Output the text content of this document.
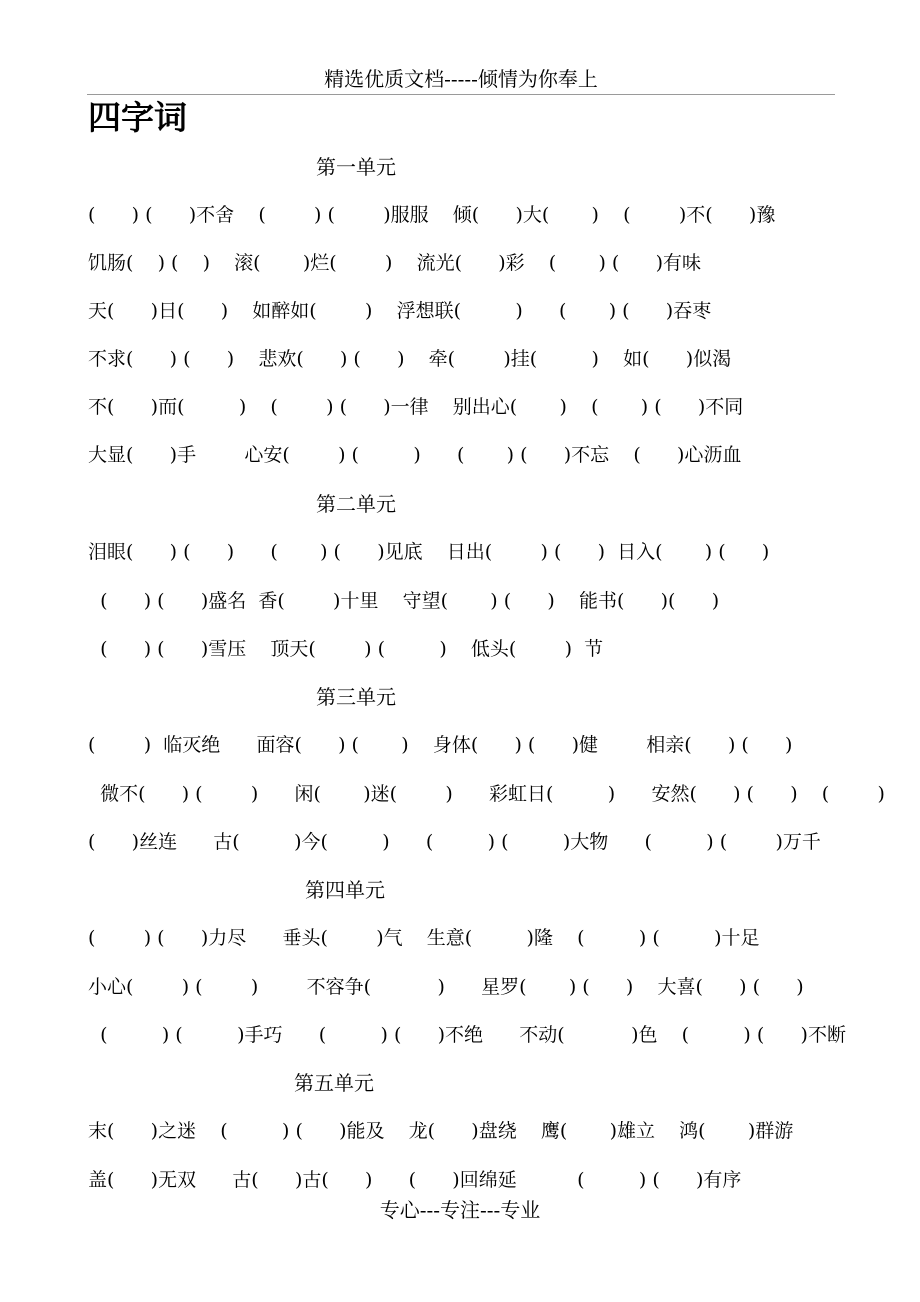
精选优质文档-----倾情为你奉上
四字词
第一单元
(      ) (      )不舍    (        ) (        )服服    倾(      )大(       )    (        )不(      )豫
饥肠(    ) (    )    滚(       )烂(        )    流光(      )彩    (       ) (      )有味
天(      )日(      )    如醉如(        )    浮想联(         )      (       ) (      )吞枣
不求(      ) (      )    悲欢(      ) (      )    牵(        )挂(         )    如(      )似渴
不(      )而(         )    (        ) (      )一律    别出心(       )    (       ) (      )不同
大显(      )手        心安(        ) (         )      (       ) (      )不忘    (      )心沥血
第二单元
泪眼(      ) (      )      (       ) (      )见底    日出(        ) (      )  日入(       ) (      )
(      ) (      )盛名  香(        )十里    守望(       ) (      )    能书(      )(      )
(      ) (      )雪压    顶天(        ) (         )    低头(        )  节
第三单元
(        )  临灭绝      面容(      ) (       )    身体(      ) (      )健        相亲(      ) (      )
微不(      ) (        )      闲(       )迷(        )      彩虹日(         )      安然(      ) (      )    (        )
(      )丝连      古(         )今(         )      (         ) (         )大物      (         ) (        )万千
第四单元
(        ) (      )力尽      垂头(        )气    生意(         )隆    (         ) (         )十足
小心(        ) (        )        不容争(           )      星罗(       ) (      )    大喜(      ) (      )
(         ) (         )手巧      (         ) (      )不绝      不动(           )色    (         ) (      )不断
第五单元
末(      )之迷    (         ) (      )能及    龙(      )盘绕    鹰(       )雄立    鸿(       )群游
盖(      )无双      古(      )古(      )      (      )回绵延          (         ) (      )有序
专心---专注---专业
